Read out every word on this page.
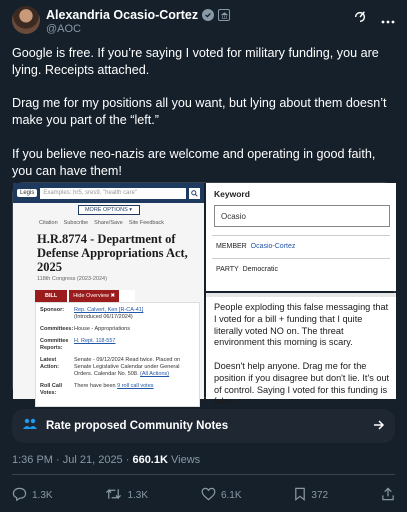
Alexandria Ocasio-Cortez
@AOC

Google is free. If you’re saying I voted for military funding, you are lying. Receipts attached.

Drag me for my positions all you want, but lying about them doesn’t make you part of the “left.”

If you believe neo-nazis are welcome and operating in good faith, you can have them!

Legis	Examples: hr5, sres9, "health care"
MORE OPTIONS ▾
Citation Subscribe Share/Save Site Feedback
H.R.8774 - Department of Defense Appropriations Act, 2025
118th Congress (2023-2024)
BILL	Hide Overview ✖
Sponsor:	Rep. Calvert, Ken [R-CA-41]
(Introduced 06/17/2024)
Committees: House - Appropriations
Committee Reports:
H. Rept. 118-557
Latest Action:
Senate - 09/12/2024 Read twice. Placed on Senate Legislative Calendar under General Orders. Calendar No. 508. (All Actions)
Roll Call Votes:
There have been 9 roll call votes
Keyword
Ocasio
MEMBER Ocasio-Cortez
PARTY Democratic

People exploding this false messaging that I voted for a bill + funding that I quite literally voted NO on. The threat environment this morning is scary.

Doesn't help anyone. Drag me for the position if you disagree but don't lie. It's out of control. Saying I voted for this funding is false

Rate proposed Community Notes
1:36 PM · Jul 21, 2025 · 660.1K Views
1.3K	1.3K	6.1K	372
